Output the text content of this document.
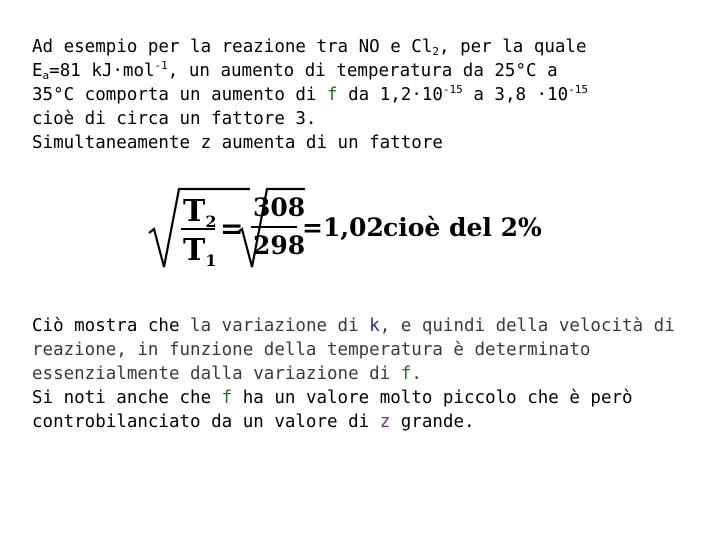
Ad esempio per la reazione tra NO e $Cl_2$, per la quale
$E_a=81$ kJ·mol$^{-1}$, un aumento di temperatura da 25°C a
35°C comporta un aumento di f da $1,2\cdot 10^{-15}$ a $3,8 \cdot 10^{-15}$
cioè di circa un fattore 3.
Simultaneamente z aumenta di un fattore
$T_2$
$T_1$
=
308
298
=1,02 cioè del 2%
Ciò mostra che la variazione di k, e quindi della velocità di
reazione, in funzione della temperatura è determinato
essenzialmente dalla variazione di f.
Si noti anche che f ha un valore molto piccolo che è però
controbilanciato da un valore di z grande.
